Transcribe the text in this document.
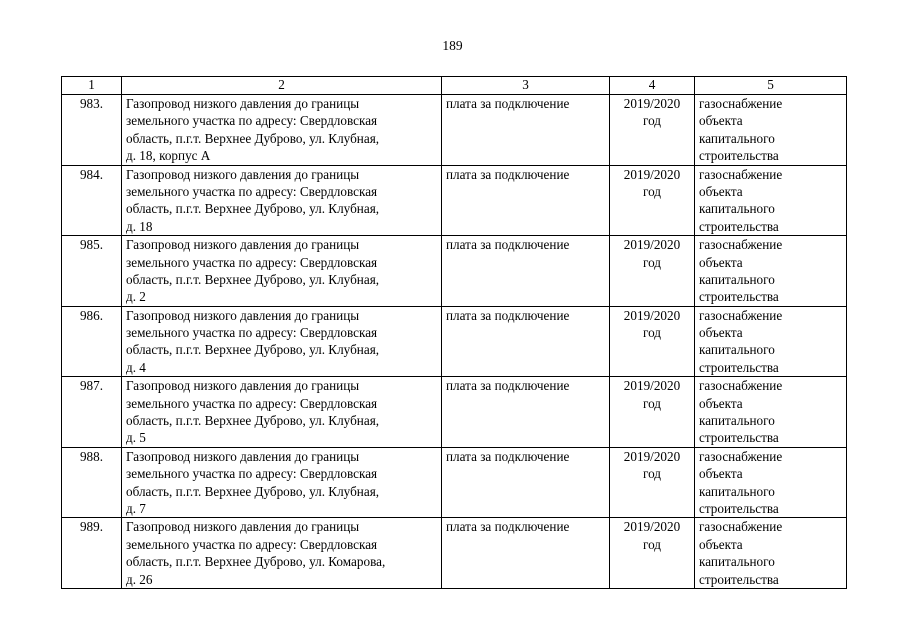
189
1	2	3	4	5

983.	Газопровод низкого давления до границы
земельного участка по адресу: Свердловская
область, п.г.т. Верхнее Дуброво, ул. Клубная,
д. 18, корпус А	плата за подключение	2019/2020
год	газоснабжение
объекта
капитального
строительства

984.	Газопровод низкого давления до границы
земельного участка по адресу: Свердловская
область, п.г.т. Верхнее Дуброво, ул. Клубная,
д. 18	плата за подключение	2019/2020
год	газоснабжение
объекта
капитального
строительства

985.	Газопровод низкого давления до границы
земельного участка по адресу: Свердловская
область, п.г.т. Верхнее Дуброво, ул. Клубная,
д. 2	плата за подключение	2019/2020
год	газоснабжение
объекта
капитального
строительства

986.	Газопровод низкого давления до границы
земельного участка по адресу: Свердловская
область, п.г.т. Верхнее Дуброво, ул. Клубная,
д. 4	плата за подключение	2019/2020
год	газоснабжение
объекта
капитального
строительства

987.	Газопровод низкого давления до границы
земельного участка по адресу: Свердловская
область, п.г.т. Верхнее Дуброво, ул. Клубная,
д. 5	плата за подключение	2019/2020
год	газоснабжение
объекта
капитального
строительства

988.	Газопровод низкого давления до границы
земельного участка по адресу: Свердловская
область, п.г.т. Верхнее Дуброво, ул. Клубная,
д. 7	плата за подключение	2019/2020
год	газоснабжение
объекта
капитального
строительства

989.	Газопровод низкого давления до границы
земельного участка по адресу: Свердловская
область, п.г.т. Верхнее Дуброво, ул. Комарова,
д. 26	плата за подключение	2019/2020
год	газоснабжение
объекта
капитального
строительства
